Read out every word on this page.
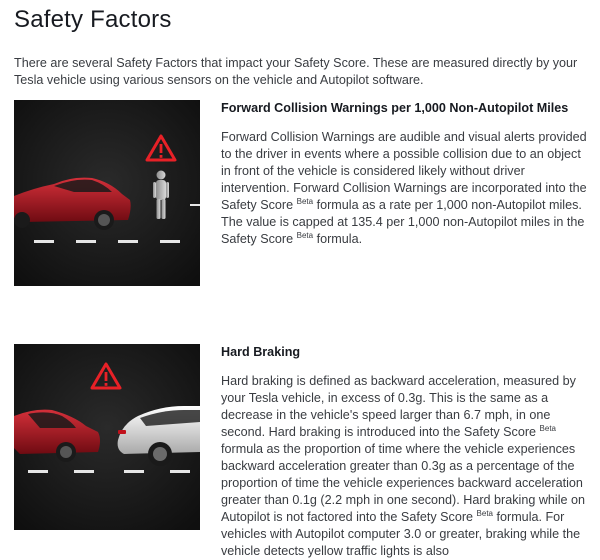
Safety Factors

There are several Safety Factors that impact your Safety Score. These are measured directly by your Tesla vehicle using various sensors on the vehicle and Autopilot software.

Forward Collision Warnings per 1,000 Non-Autopilot Miles

Forward Collision Warnings are audible and visual alerts provided to the driver in events where a possible collision due to an object in front of the vehicle is considered likely without driver intervention. Forward Collision Warnings are incorporated into the Safety Score $^{Beta}$ formula as a rate per 1,000 non-Autopilot miles. The value is capped at 135.4 per 1,000 non-Autopilot miles in the Safety Score $^{Beta}$ formula.

Hard Braking

Hard braking is defined as backward acceleration, measured by your Tesla vehicle, in excess of 0.3g. This is the same as a decrease in the vehicle's speed larger than 6.7 mph, in one second. Hard braking is introduced into the Safety Score $^{Beta}$ formula as the proportion of time where the vehicle experiences backward acceleration greater than 0.3g as a percentage of the proportion of time the vehicle experiences backward acceleration greater than 0.1g (2.2 mph in one second). Hard braking while on Autopilot is not factored into the Safety Score $^{Beta}$ formula. For vehicles with Autopilot computer 3.0 or greater, braking while the vehicle detects yellow traffic lights is also
